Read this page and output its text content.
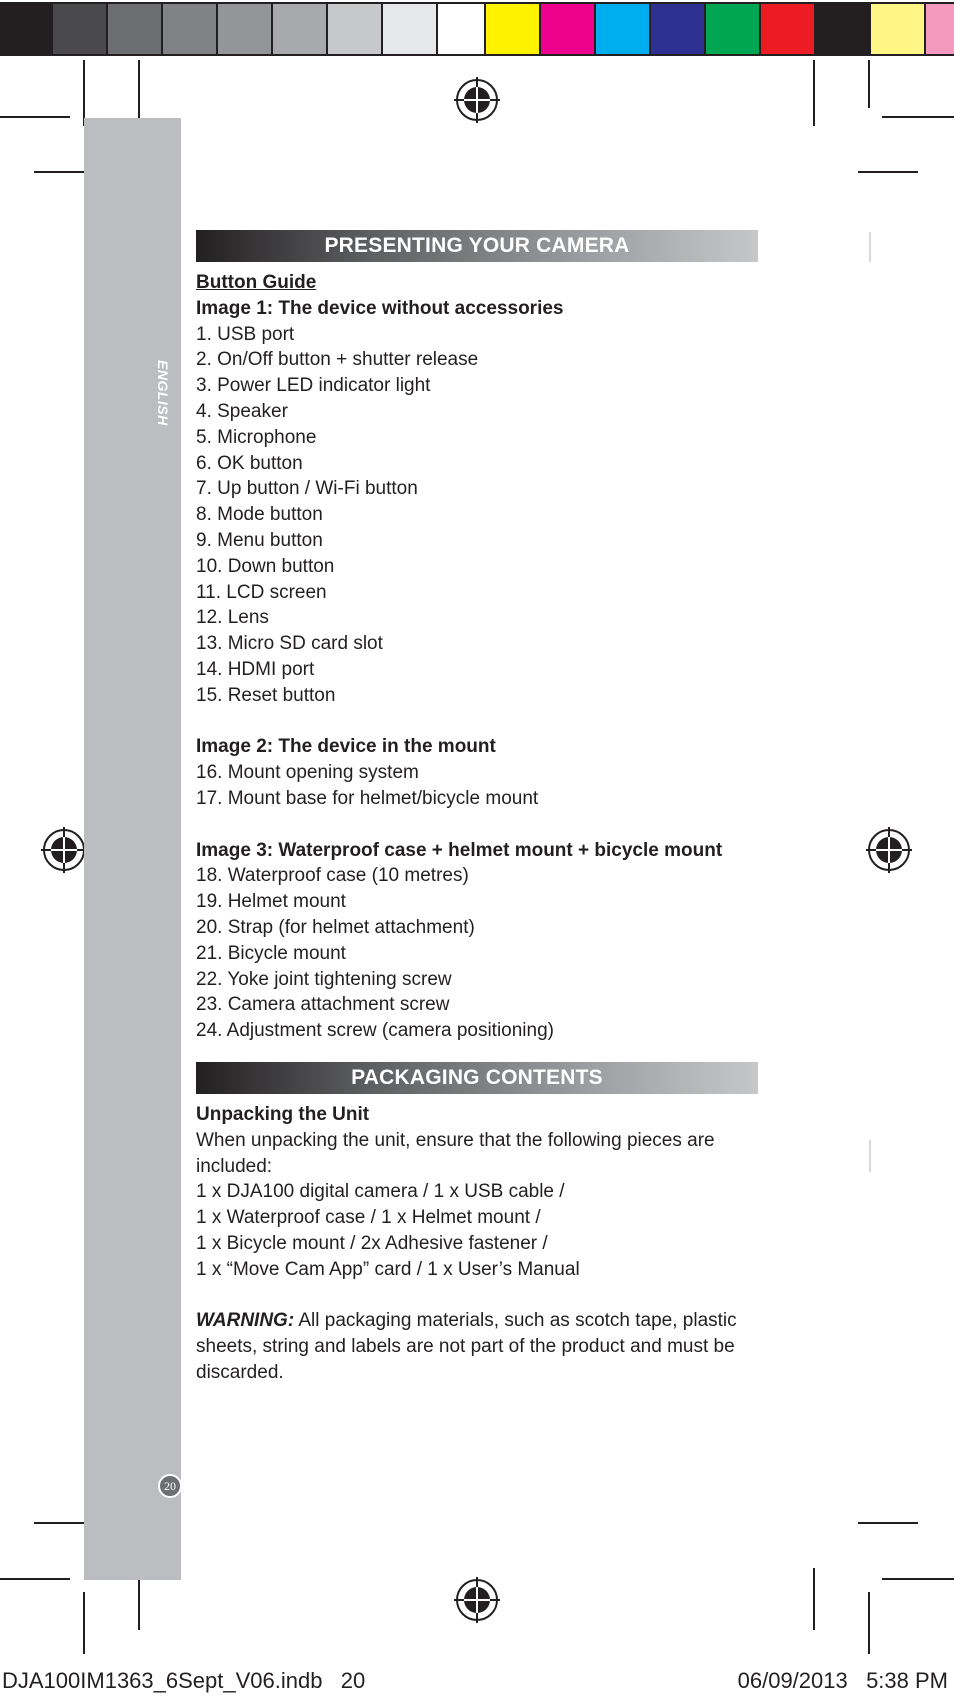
ENGLISH
20
PRESENTING YOUR CAMERA
Button Guide
Image 1: The device without accessories
1. USB port
2. On/Off button + shutter release
3. Power LED indicator light
4. Speaker
5. Microphone
6. OK button
7. Up button / Wi-Fi button
8. Mode button
9. Menu button
10. Down button
11. LCD screen
12. Lens
13. Micro SD card slot
14. HDMI port
15. Reset button
Image 2: The device in the mount
16. Mount opening system
17. Mount base for helmet/bicycle mount
Image 3: Waterproof case + helmet mount + bicycle mount
18. Waterproof case (10 metres)
19. Helmet mount
20. Strap (for helmet attachment)
21. Bicycle mount
22. Yoke joint tightening screw
23. Camera attachment screw
24. Adjustment screw (camera positioning)
PACKAGING CONTENTS
Unpacking the Unit
When unpacking the unit, ensure that the following pieces are included:
1 x DJA100 digital camera / 1 x USB cable /
1 x Waterproof case / 1 x Helmet mount /
1 x Bicycle mount / 2x Adhesive fastener /
1 x “Move Cam App” card / 1 x User’s Manual
WARNING: All packaging materials, such as scotch tape, plastic sheets, string and labels are not part of the product and must be discarded.
DJA100IM1363_6Sept_V06.indb   20	06/09/2013   5:38 PM
